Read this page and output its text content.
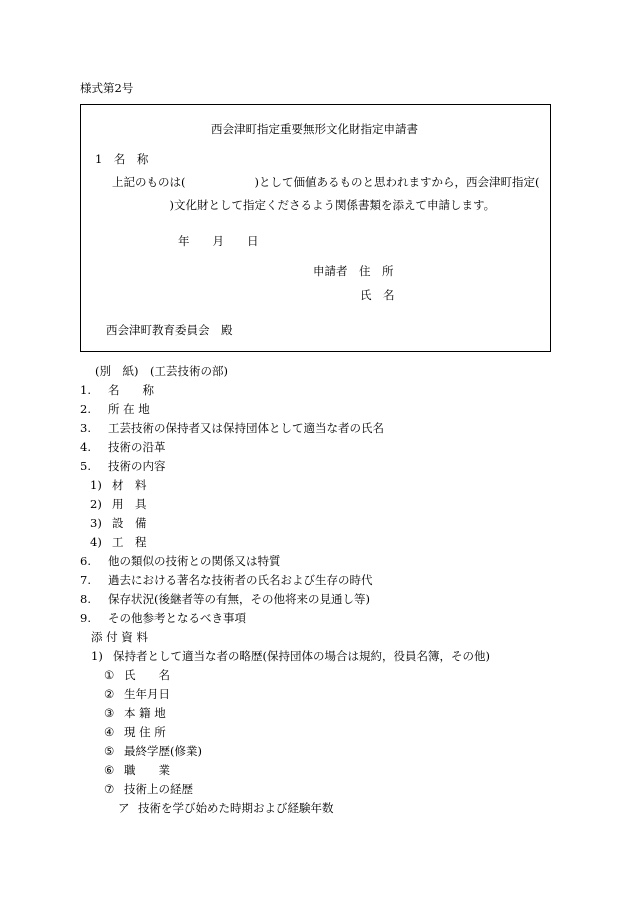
様式第2号
西会津町指定重要無形文化財指定申請書
1　名　称
上記のものは(　　　　　　)として価値あるものと思われますから，西会津町指定(
　　　　　)文化財として指定くださるよう関係書類を添えて申請します。
年　　月　　日
申請者　住　所
氏　名
西会津町教育委員会　殿
(別　紙)　(工芸技術の部)
1. 名　　称
2. 所 在 地
3. 工芸技術の保持者又は保持団体として適当な者の氏名
4. 技術の沿革
5. 技術の内容
1) 材　料
2) 用　具
3) 設　備
4) 工　程
6. 他の類似の技術との関係又は特質
7. 過去における著名な技術者の氏名および生存の時代
8. 保存状況(後継者等の有無，その他将来の見通し等)
9. その他参考となるべき事項
添 付 資 料
1) 保持者として適当な者の略歴(保持団体の場合は規約，役員名簿，その他)
① 氏　　名
② 生年月日
③ 本 籍 地
④ 現 住 所
⑤ 最終学歴(修業)
⑥ 職　　業
⑦ 技術上の経歴
ア 技術を学び始めた時期および経験年数
